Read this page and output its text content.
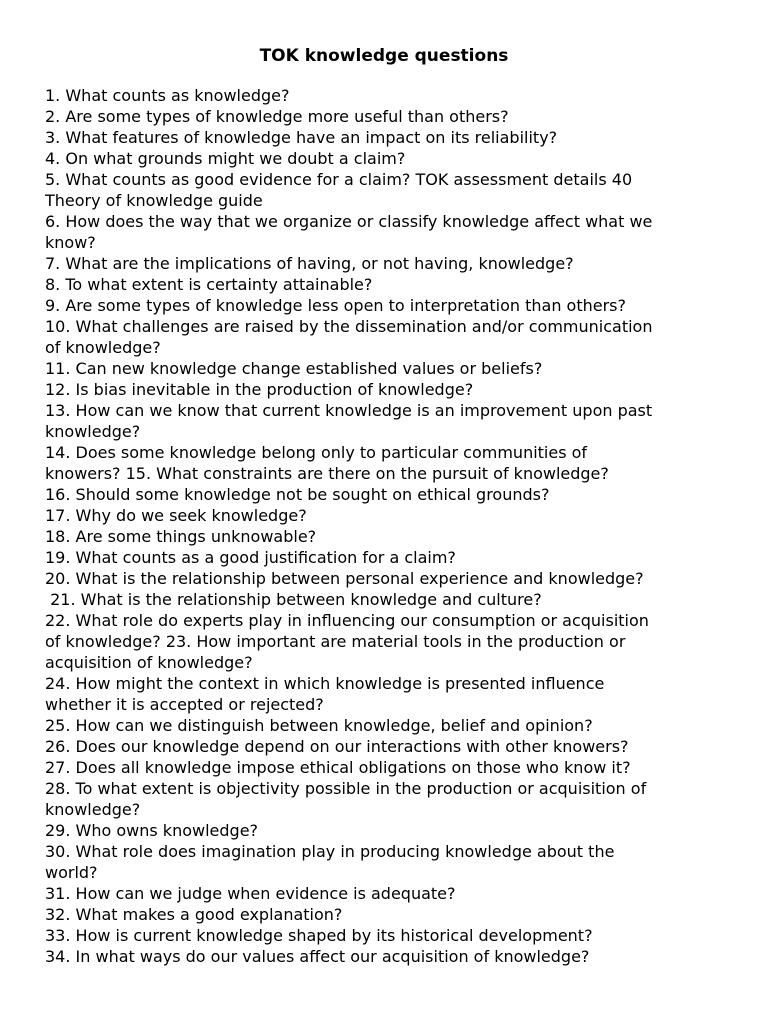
TOK knowledge questions
1. What counts as knowledge?
2. Are some types of knowledge more useful than others?
3. What features of knowledge have an impact on its reliability?
4. On what grounds might we doubt a claim?
5. What counts as good evidence for a claim? TOK assessment details 40
Theory of knowledge guide
6. How does the way that we organize or classify knowledge affect what we
know?
7. What are the implications of having, or not having, knowledge?
8. To what extent is certainty attainable?
9. Are some types of knowledge less open to interpretation than others?
10. What challenges are raised by the dissemination and/or communication
of knowledge?
11. Can new knowledge change established values or beliefs?
12. Is bias inevitable in the production of knowledge?
13. How can we know that current knowledge is an improvement upon past
knowledge?
14. Does some knowledge belong only to particular communities of
knowers? 15. What constraints are there on the pursuit of knowledge?
16. Should some knowledge not be sought on ethical grounds?
17. Why do we seek knowledge?
18. Are some things unknowable?
19. What counts as a good justification for a claim?
20. What is the relationship between personal experience and knowledge?
21. What is the relationship between knowledge and culture?
22. What role do experts play in influencing our consumption or acquisition
of knowledge? 23. How important are material tools in the production or
acquisition of knowledge?
24. How might the context in which knowledge is presented influence
whether it is accepted or rejected?
25. How can we distinguish between knowledge, belief and opinion?
26. Does our knowledge depend on our interactions with other knowers?
27. Does all knowledge impose ethical obligations on those who know it?
28. To what extent is objectivity possible in the production or acquisition of
knowledge?
29. Who owns knowledge?
30. What role does imagination play in producing knowledge about the
world?
31. How can we judge when evidence is adequate?
32. What makes a good explanation?
33. How is current knowledge shaped by its historical development?
34. In what ways do our values affect our acquisition of knowledge?
